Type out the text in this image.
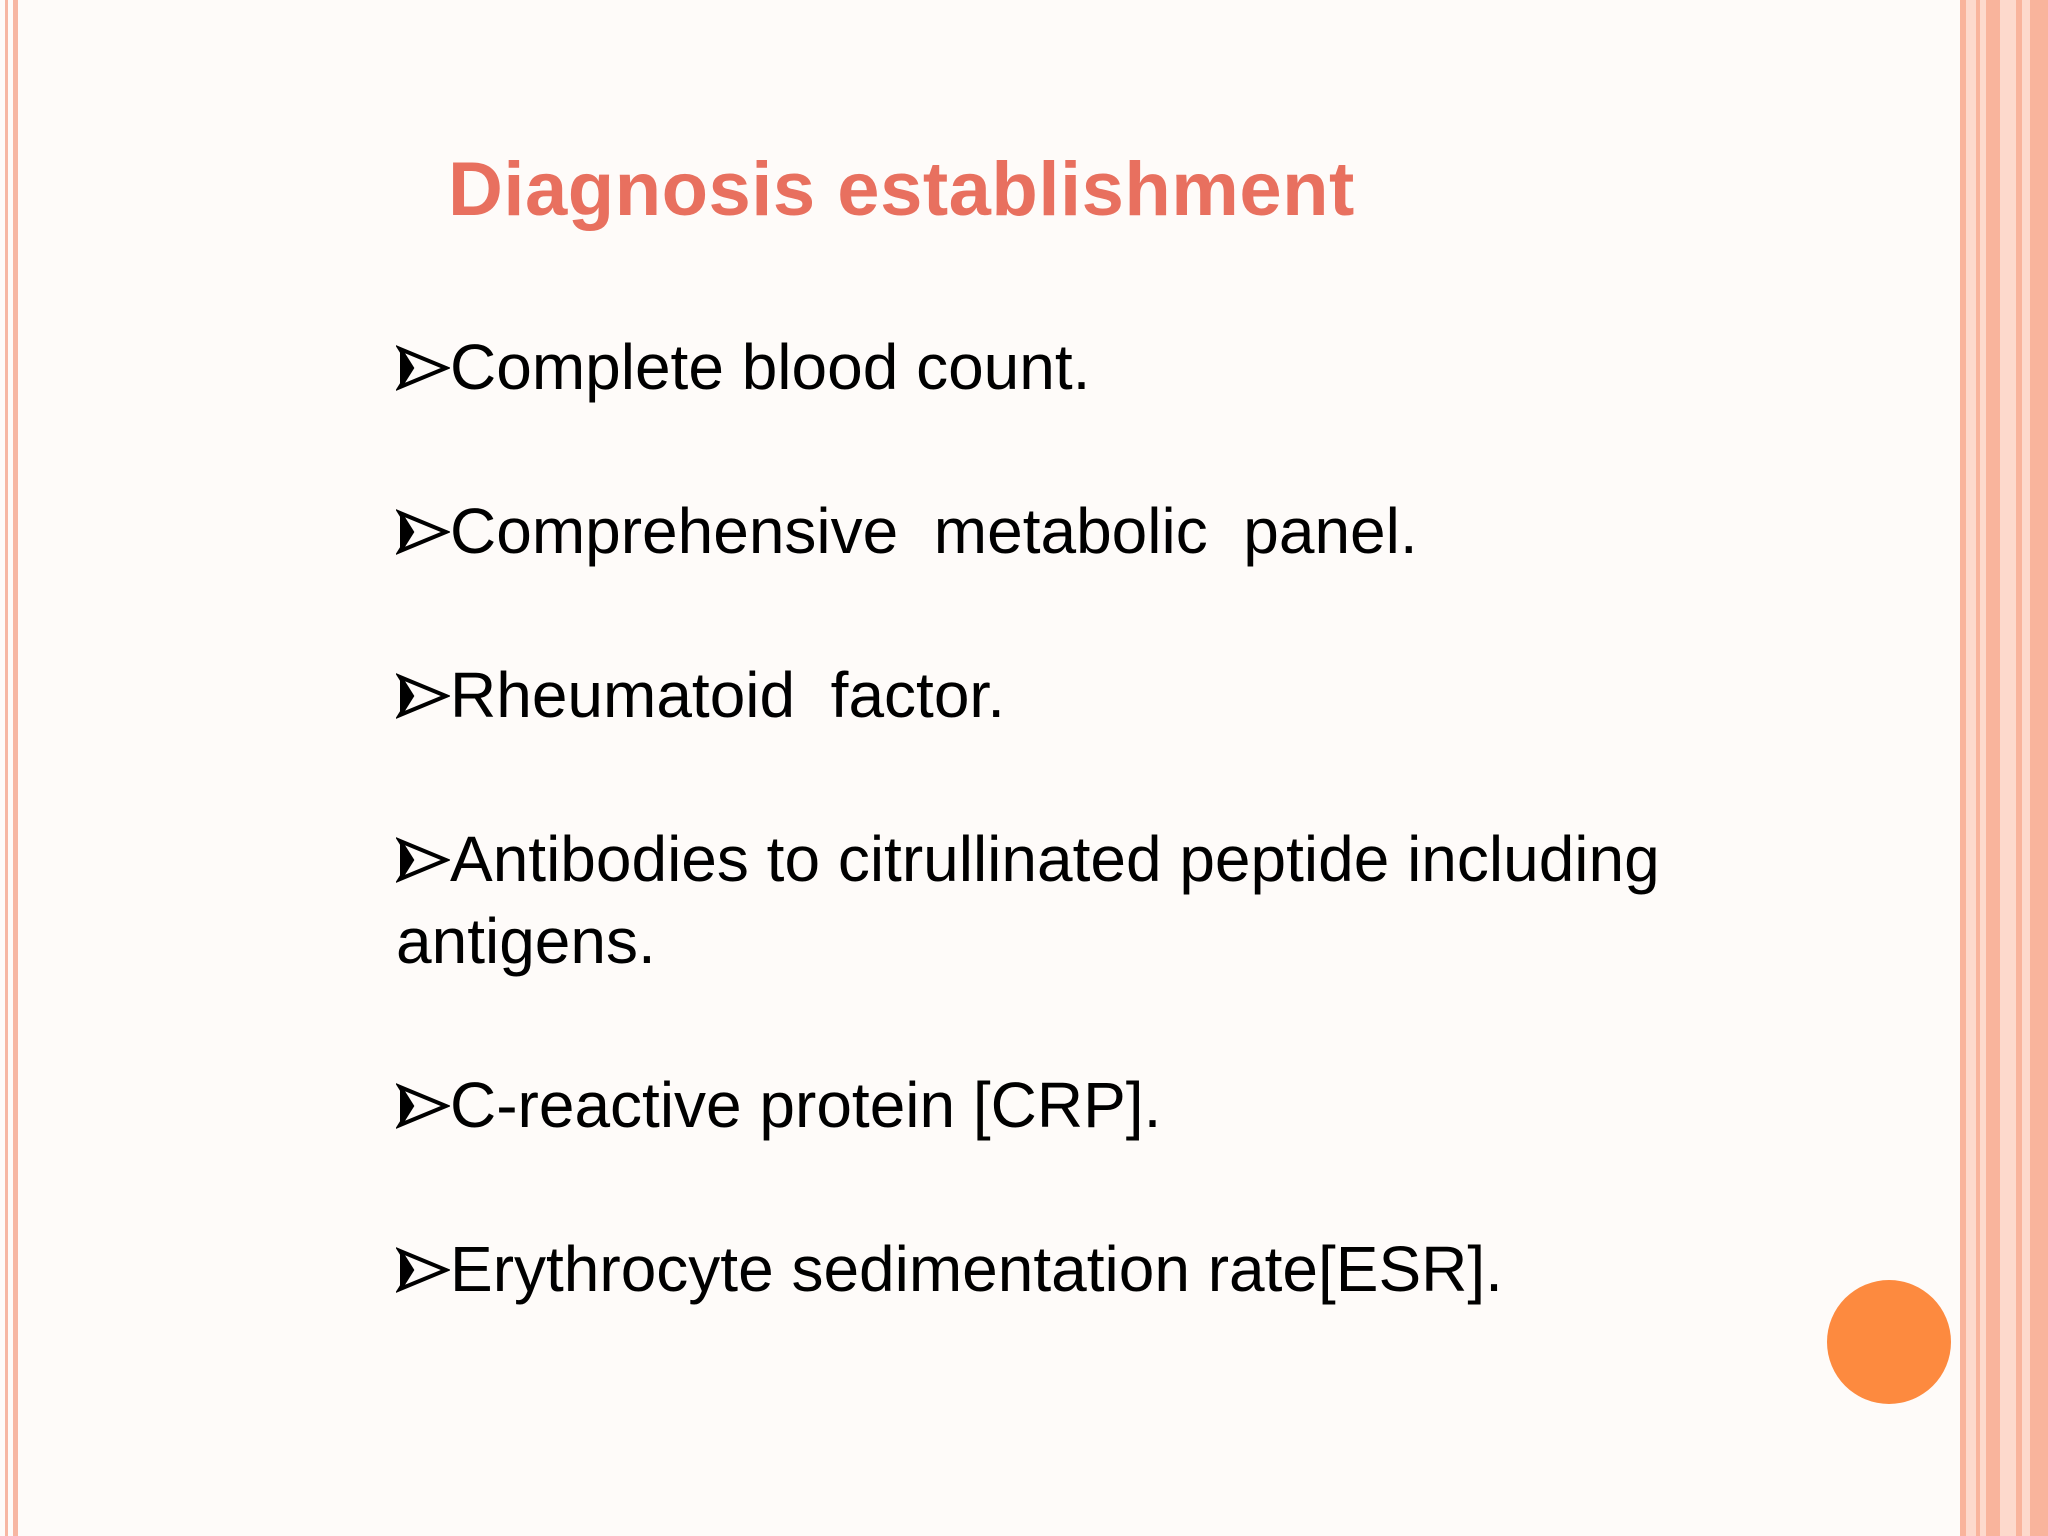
Diagnosis establishment
Complete blood count.
Comprehensive  metabolic  panel.
Rheumatoid  factor.
Antibodies to citrullinated peptide including antigens.
C-reactive protein [CRP].
Erythrocyte sedimentation rate[ESR].
